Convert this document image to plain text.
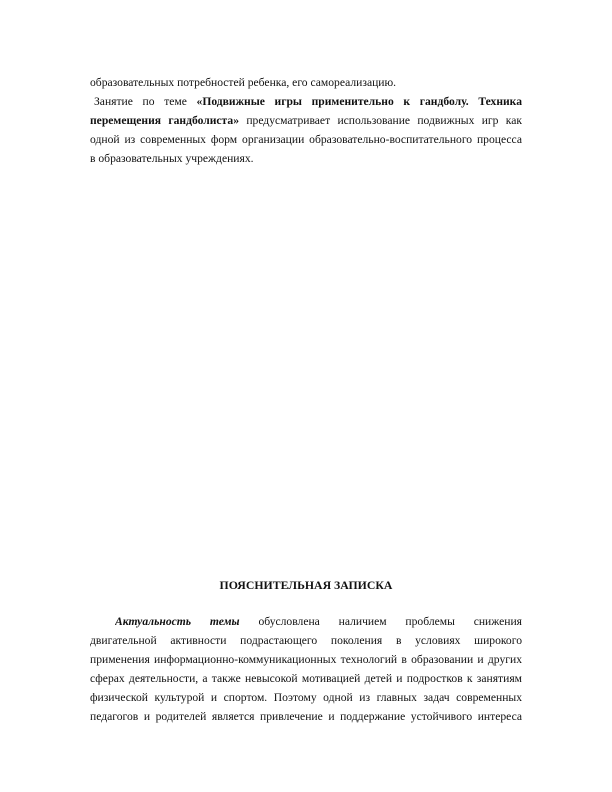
образовательных потребностей ребенка, его самореализацию.
Занятие по теме «Подвижные игры применительно к гандболу. Техника
перемещения гандболиста» предусматривает использование подвижных игр как
одной из современных форм организации образовательно-воспитательного процесса
в образовательных учреждениях.
ПОЯСНИТЕЛЬНАЯ ЗАПИСКА
Актуальность темы обусловлена наличием проблемы снижения
двигательной активности подрастающего поколения в условиях широкого
применения информационно-коммуникационных технологий в образовании и других
сферах деятельности, а также невысокой мотивацией детей и подростков к занятиям
физической культурой и спортом. Поэтому одной из главных задач современных
педагогов и родителей является привлечение и поддержание устойчивого интереса
